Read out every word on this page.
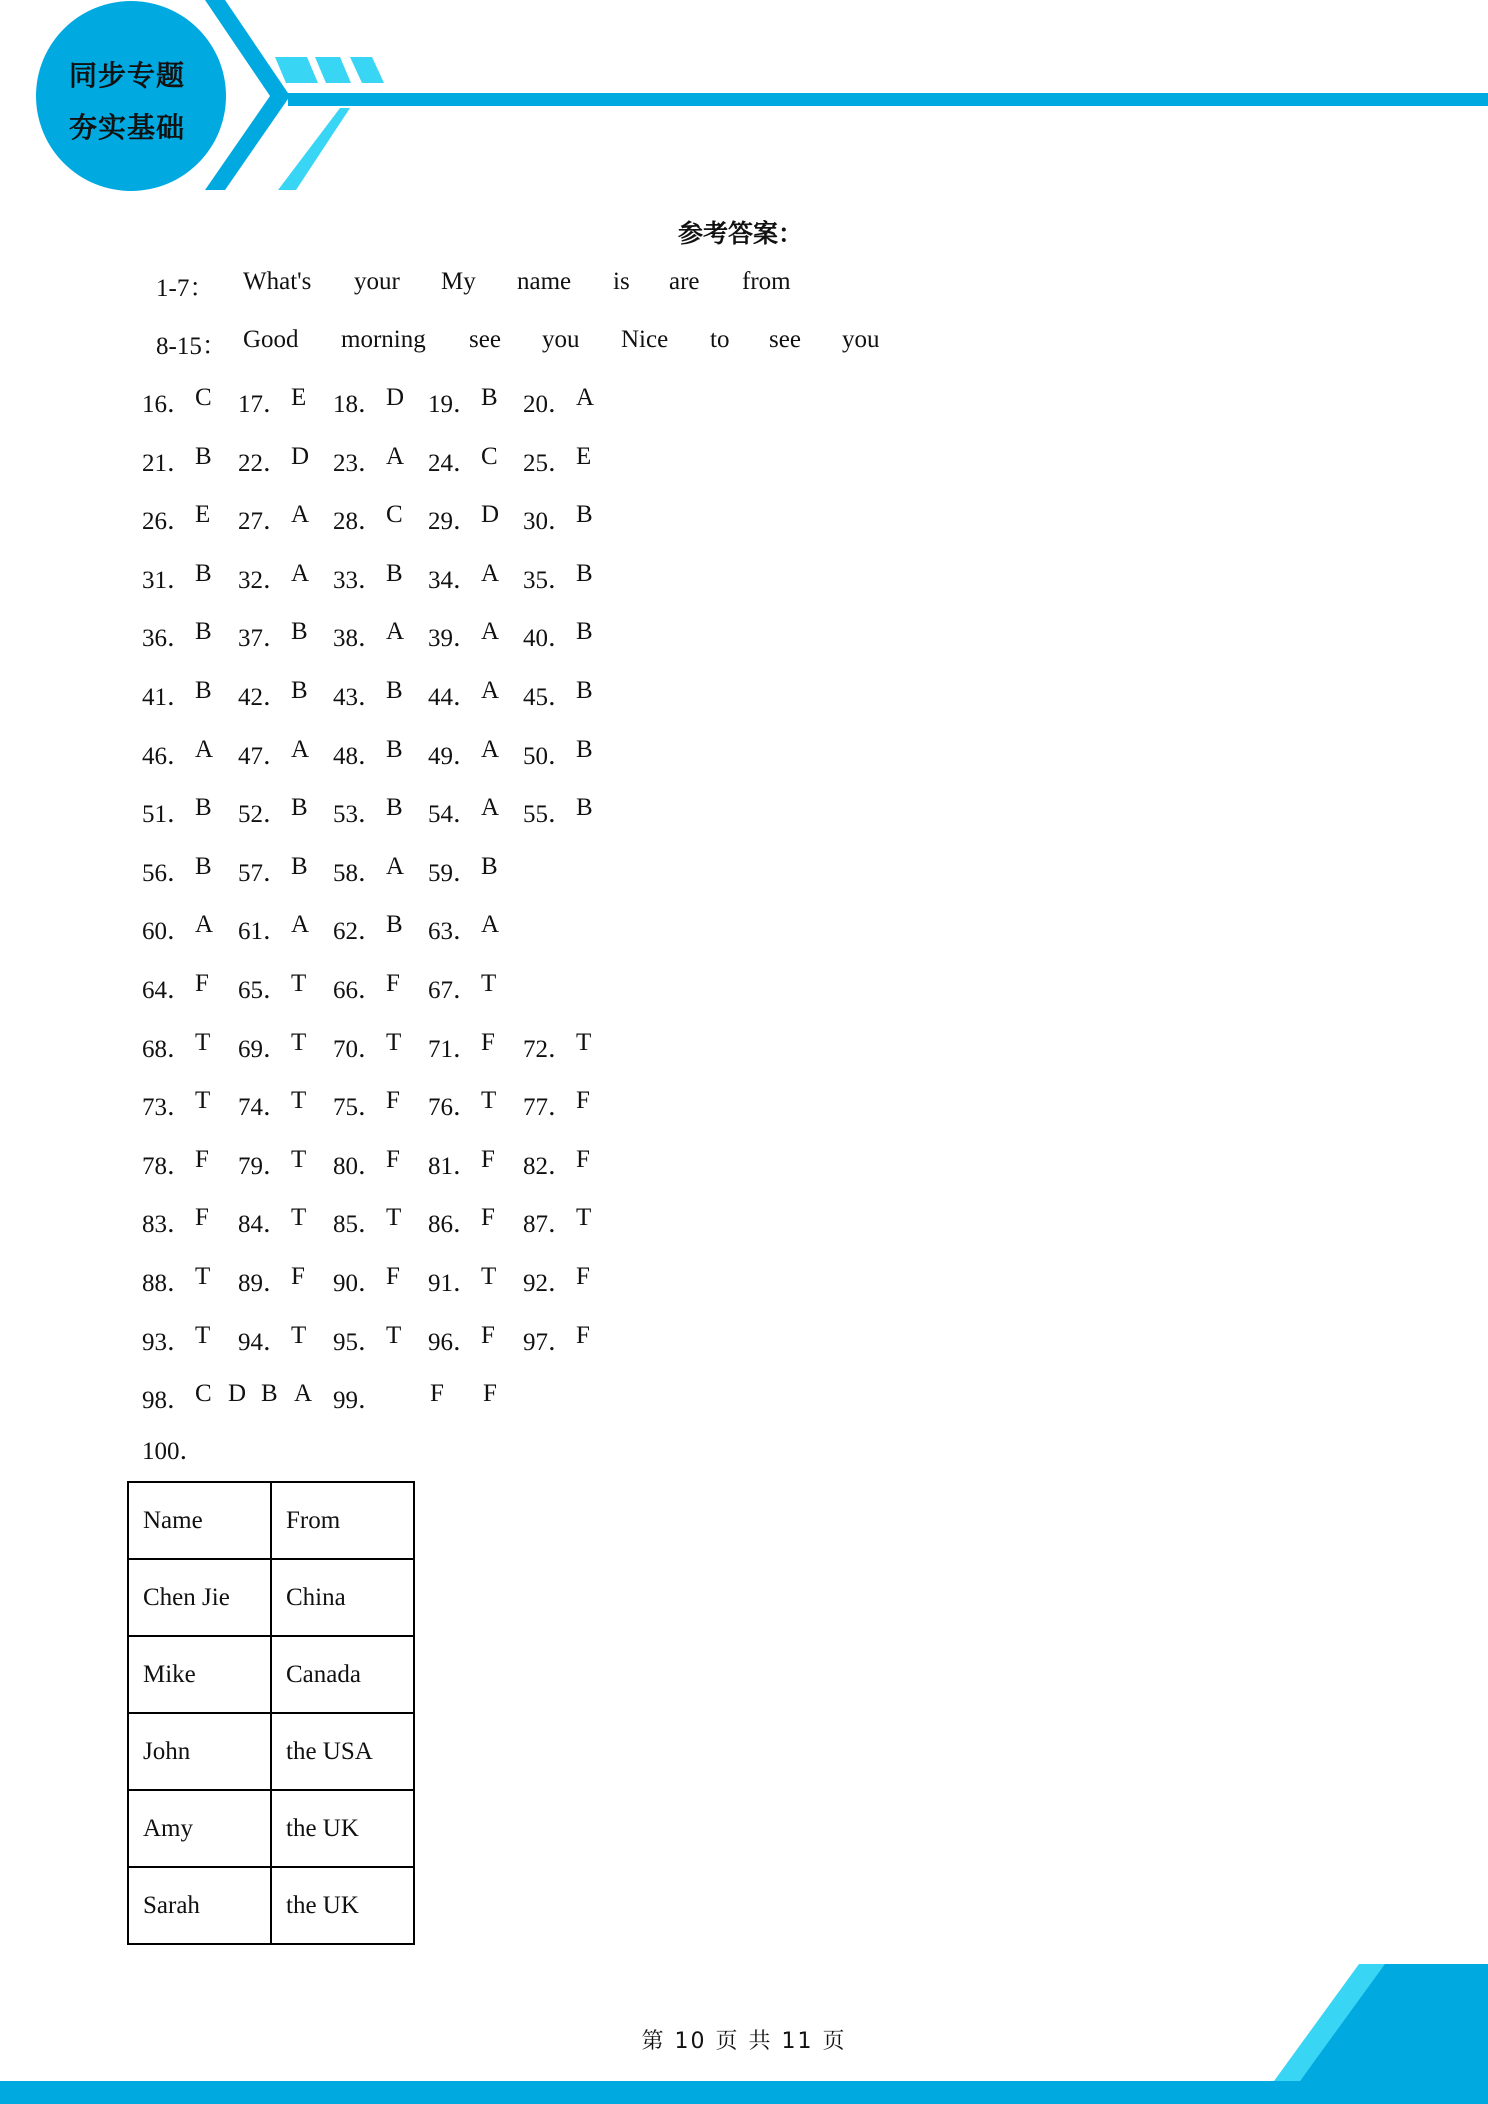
同步专题
夯实基础
参考答案：
1-7： What's your My name is are from
8-15： Good morning see you Nice to see you
16． C 17． E 18． D 19． B 20． A
21． B 22． D 23． A 24． C 25． E
26． E 27． A 28． C 29． D 30． B
31． B 32． A 33． B 34． A 35． B
36． B 37． B 38． A 39． A 40． B
41． B 42． B 43． B 44． A 45． B
46． A 47． A 48． B 49． A 50． B
51． B 52． B 53． B 54． A 55． B
56． B 57． B 58． A 59． B
60． A 61． A 62． B 63． A
64． F 65． T 66． F 67． T
68． T 69． T 70． T 71． F 72． T
73． T 74． T 75． F 76． T 77． F
78． F 79． T 80． F 81． F 82． F
83． F 84． T 85． T 86． F 87． T
88． T 89． F 90． F 91． T 92． F
93． T 94． T 95． T 96． F 97． F
98． C D B A 99． F F
100．
Name	From
Chen Jie	China
Mike	Canada
John	the USA
Amy	the UK
Sarah	the UK
第 10 页 共 11 页
